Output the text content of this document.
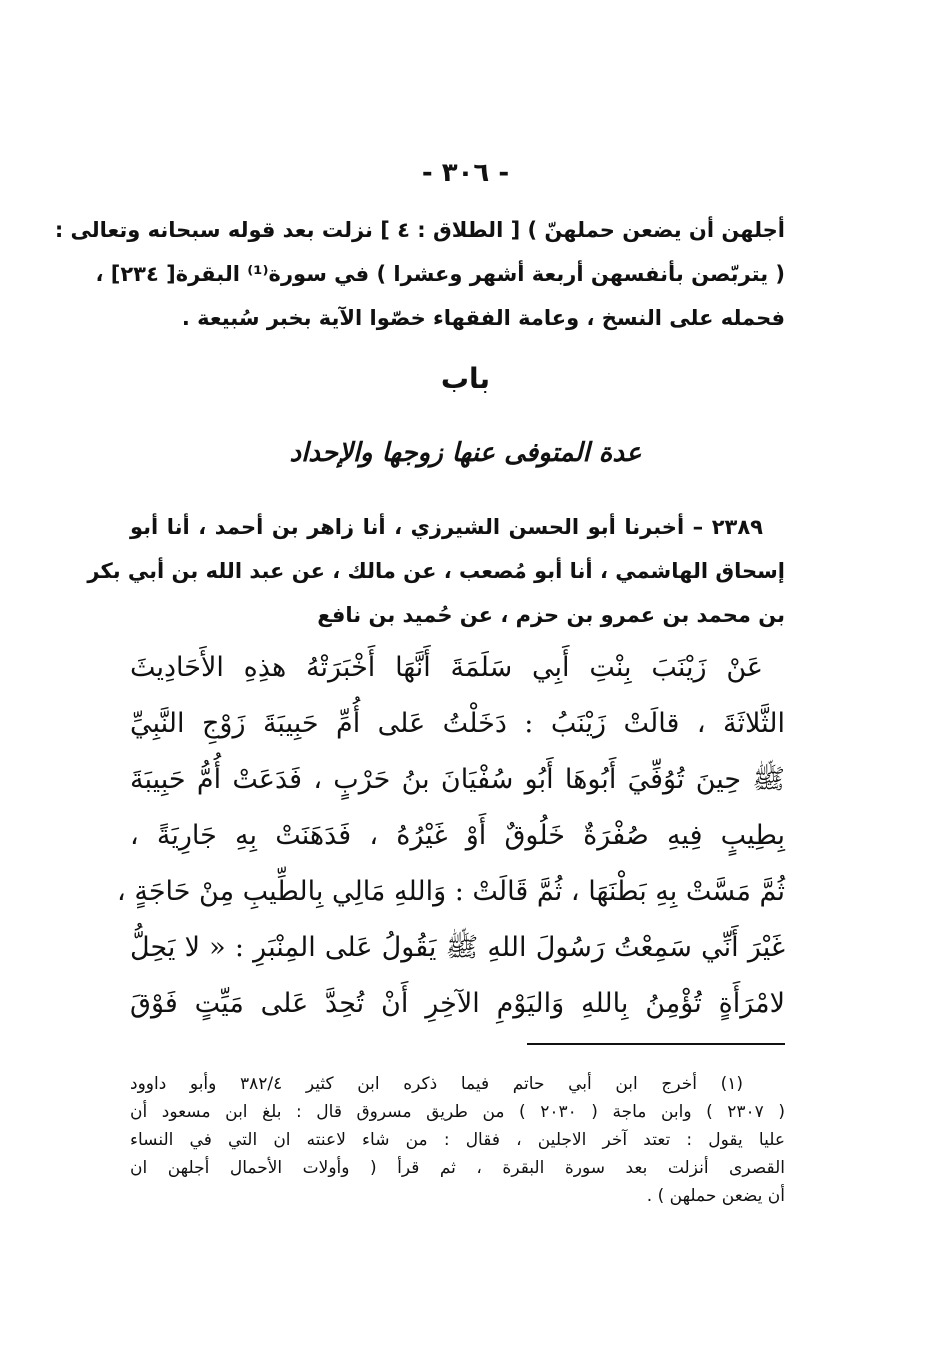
- ٣٠٦ -
أجلهن أن يضعن حملهنّ ) [ الطلاق : ٤ ] نزلت بعد قوله سبحانه وتعالى :
( يتربّصن بأنفسهن أربعة أشهر وعشرا ) في سورة⁽¹⁾ البقرة[ ٢٣٤] ،
فحمله على النسخ ، وعامة الفقهاء خصّوا الآية بخبر سُبيعة .
باب
عدة المتوفى عنها زوجها والإحداد
٢٣٨٩ – أخبرنا أبو الحسن الشيرزي ، أنا زاهر بن أحمد ، أنا أبو
إسحاق الهاشمي ، أنا أبو مُصعب ، عن مالك ، عن عبد الله بن أبي بكر
بن محمد بن عمرو بن حزم ، عن حُميد بن نافع
عَنْ زَيْنَبَ بِنْتِ أَبِي سَلَمَةَ أَنَّهَا أَخْبَرَتْهُ هذِهِ الأَحَادِيثَ
الثَّلاثَةَ ، قالَتْ زَيْنَبُ : دَخَلْتُ عَلى أُمِّ حَبِيبَةَ زَوْجِ النَّبِيِّ
ﷺ حِينَ تُوُفِّيَ أَبُوهَا أَبُو سُفْيَانَ بنُ حَرْبٍ ، فَدَعَتْ أُمُّ حَبِيبَةَ
بِطِيبٍ فِيهِ صُفْرَةٌ خَلُوقٌ أَوْ غَيْرُهُ ، فَدَهَنَتْ بِهِ جَارِيَةً ،
ثُمَّ مَسَّتْ بِهِ بَطْنَهَا ، ثُمَّ قَالَتْ : وَاللهِ مَالِي بِالطِّيبِ مِنْ حَاجَةٍ ،
غَيْرَ أَنِّي سَمِعْتُ رَسُولَ اللهِ ﷺ يَقُولُ عَلى المِنْبَرِ : « لا يَحِلُّ
لامْرَأَةٍ تُؤْمِنُ بِاللهِ وَاليَوْمِ الآخِرِ أَنْ تُحِدَّ عَلى مَيِّتٍ فَوْقَ
(١) أخرج ابن أبي حاتم فيما ذكره ابن كثير ٣٨٢/٤ وأبو داوود
( ٢٣٠٧ ) وابن ماجة ( ٢٠٣٠ ) من طريق مسروق قال : بلغ ابن مسعود أن
عليا يقول : تعتد آخر الاجلين ، فقال : من شاء لاعنته ان التي في النساء
القصرى أنزلت بعد سورة البقرة ، ثم قرأ ( وأولات الأحمال أجلهن ان
أن يضعن حملهن ) .
